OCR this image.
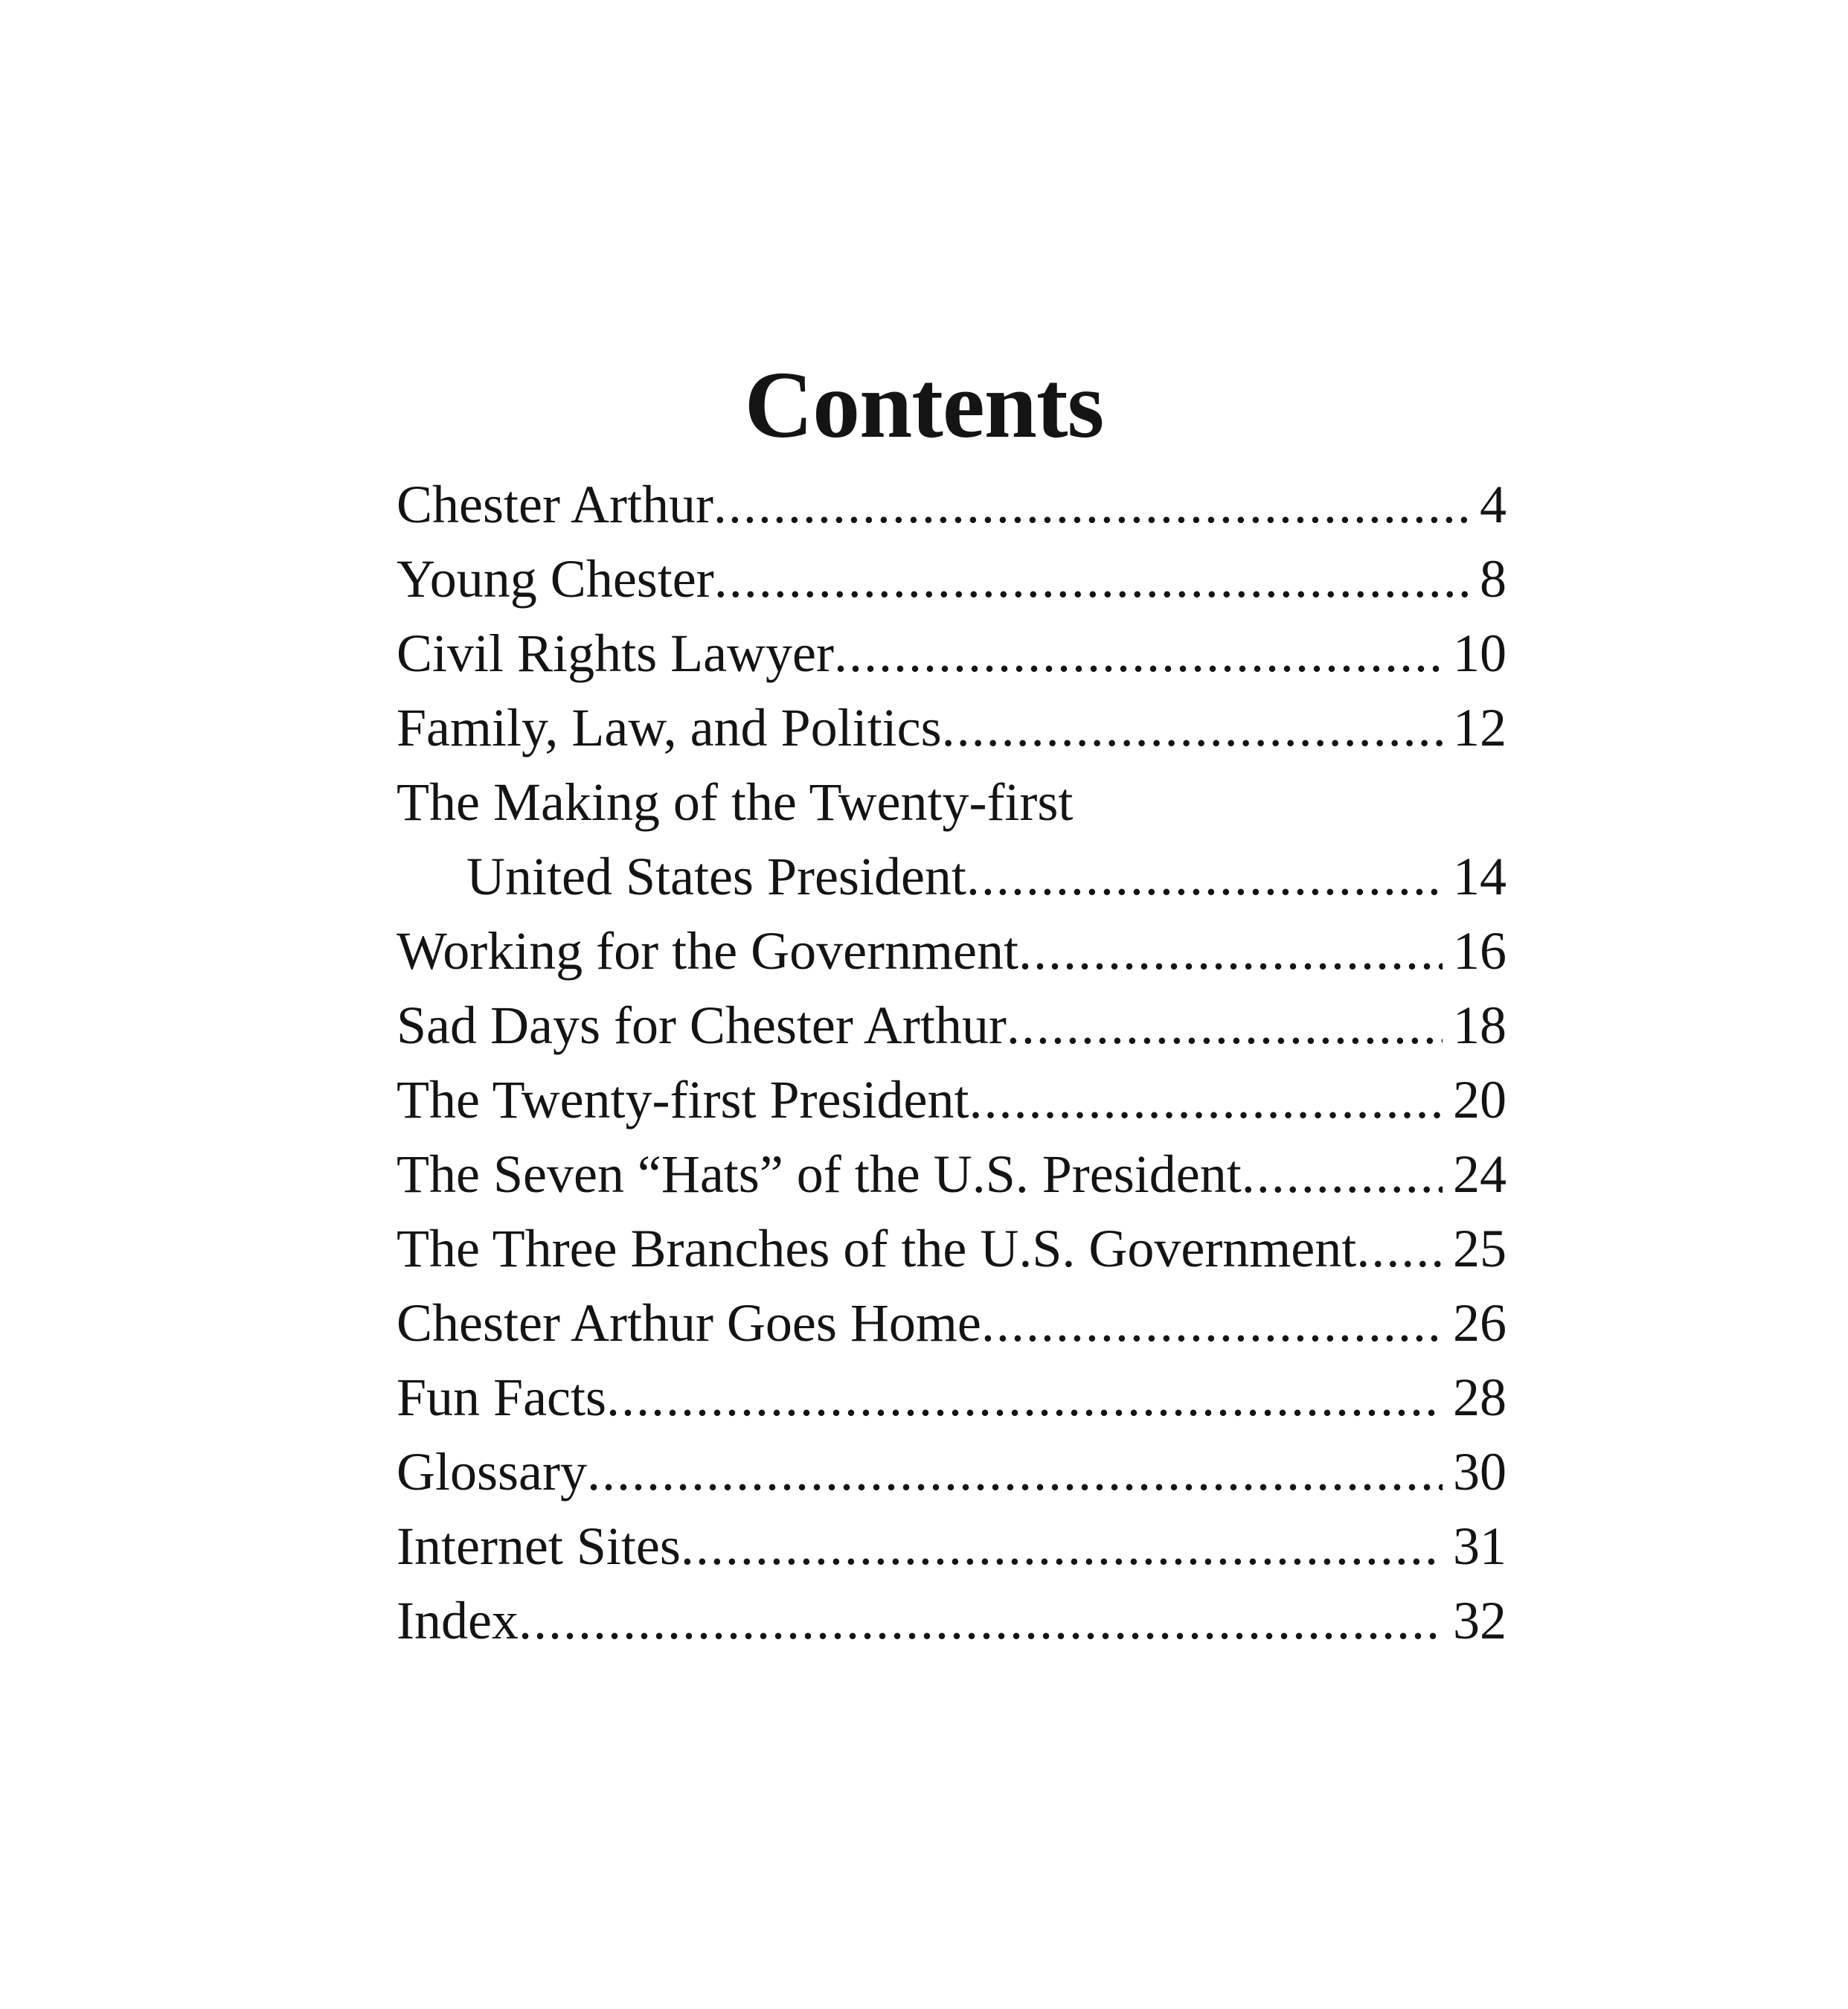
Contents
Chester Arthur .....	4
Young Chester .....	8
Civil Rights Lawyer .....	10
Family, Law, and Politics .....	12
The Making of the Twenty-first
United States President .....	14
Working for the Government .....	16
Sad Days for Chester Arthur .....	18
The Twenty-first President .....	20
The Seven “Hats” of the U.S. President .....	24
The Three Branches of the U.S. Government ..... 25
Chester Arthur Goes Home .....	26
Fun Facts .....	28
Glossary .....	30
Internet Sites .....	31
Index .....	32
